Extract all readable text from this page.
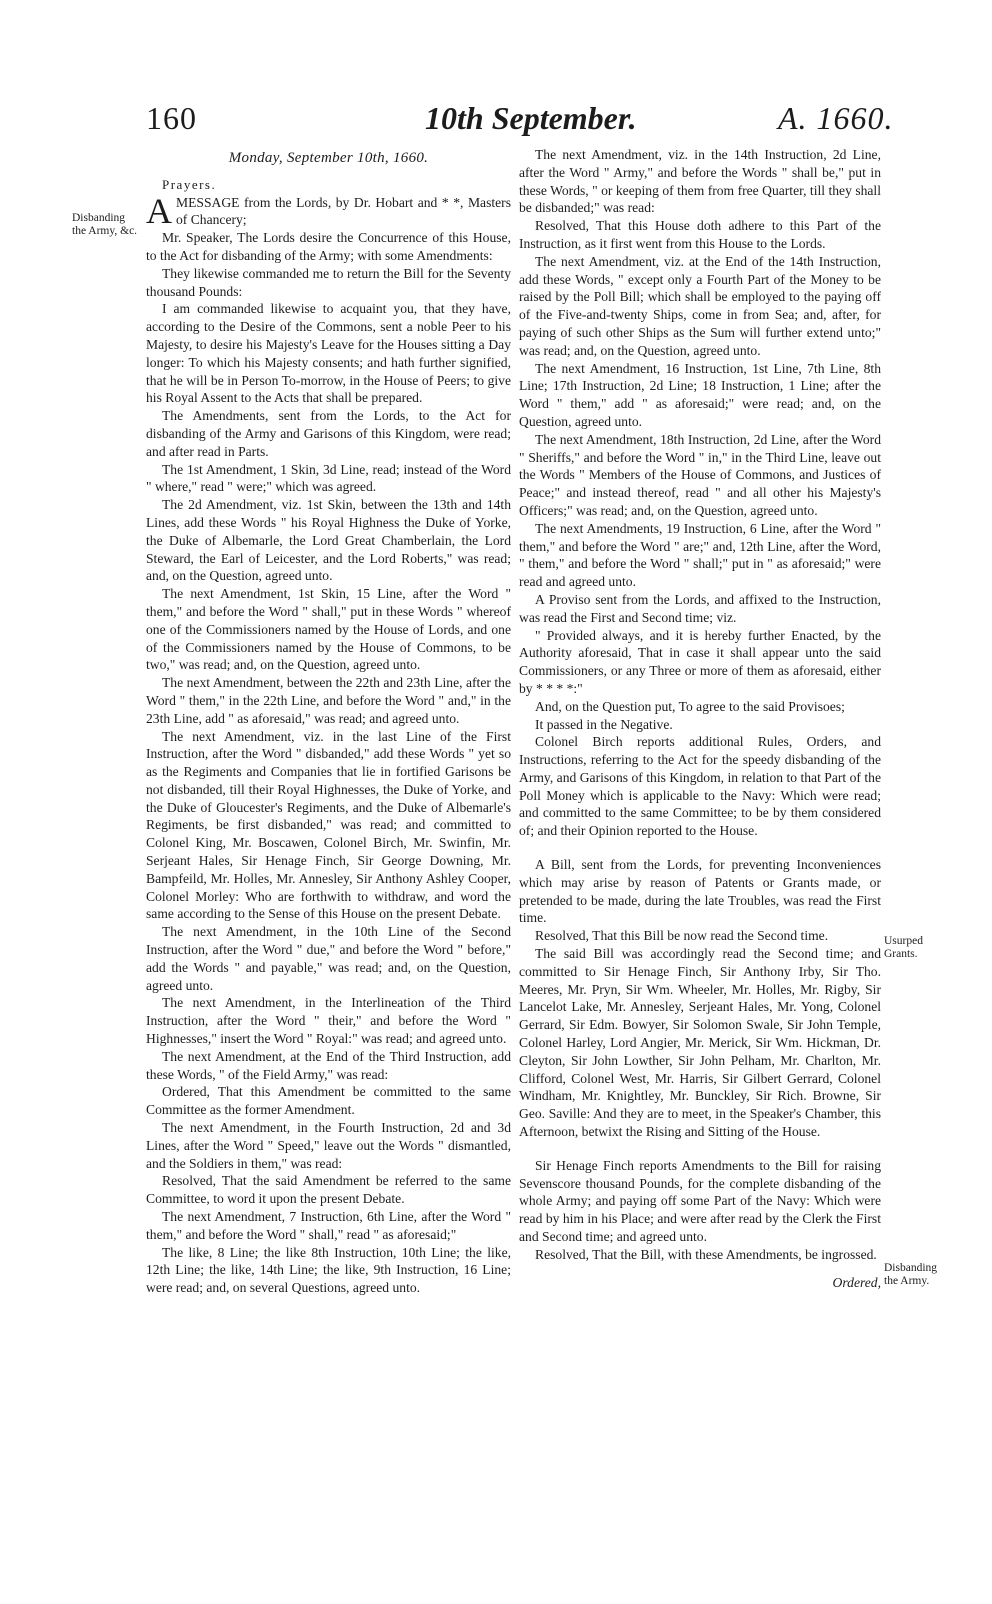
160	10th September.	A. 1660.
Disbanding the Army, &c.
Usurped Grants.
Disbanding the Army.
Monday, September 10th, 1660.

Prayers.

AMESSAGE from the Lords, by Dr. Hobart and * *, Masters of Chancery;

Mr. Speaker, The Lords desire the Concurrence of this House, to the Act for disbanding of the Army; with some Amendments:

They likewise commanded me to return the Bill for the Seventy thousand Pounds:

I am commanded likewise to acquaint you, that they have, according to the Desire of the Commons, sent a noble Peer to his Majesty, to desire his Majesty's Leave for the Houses sitting a Day longer: To which his Majesty consents; and hath further signified, that he will be in Person To-morrow, in the House of Peers; to give his Royal Assent to the Acts that shall be prepared.

The Amendments, sent from the Lords, to the Act for disbanding of the Army and Garisons of this Kingdom, were read; and after read in Parts.

The 1st Amendment, 1 Skin, 3d Line, read; instead of the Word " where," read " were;" which was agreed.

The 2d Amendment, viz. 1st Skin, between the 13th and 14th Lines, add these Words " his Royal Highness the Duke of Yorke, the Duke of Albemarle, the Lord Great Chamberlain, the Lord Steward, the Earl of Leicester, and the Lord Roberts," was read; and, on the Question, agreed unto.

The next Amendment, 1st Skin, 15 Line, after the Word " them," and before the Word " shall," put in these Words " whereof one of the Commissioners named by the House of Lords, and one of the Commissioners named by the House of Commons, to be two," was read; and, on the Question, agreed unto.

The next Amendment, between the 22th and 23th Line, after the Word " them," in the 22th Line, and before the Word " and," in the 23th Line, add " as aforesaid," was read; and agreed unto.

The next Amendment, viz. in the last Line of the First Instruction, after the Word " disbanded," add these Words " yet so as the Regiments and Companies that lie in fortified Garisons be not disbanded, till their Royal Highnesses, the Duke of Yorke, and the Duke of Gloucester's Regiments, and the Duke of Albemarle's Regiments, be first disbanded," was read; and committed to Colonel King, Mr. Boscawen, Colonel Birch, Mr. Swinfin, Mr. Serjeant Hales, Sir Henage Finch, Sir George Downing, Mr. Bampfeild, Mr. Holles, Mr. Annesley, Sir Anthony Ashley Cooper, Colonel Morley: Who are forthwith to withdraw, and word the same according to the Sense of this House on the present Debate.

The next Amendment, in the 10th Line of the Second Instruction, after the Word " due," and before the Word " before," add the Words " and payable," was read; and, on the Question, agreed unto.

The next Amendment, in the Interlineation of the Third Instruction, after the Word " their," and before the Word " Highnesses," insert the Word " Royal:" was read; and agreed unto.

The next Amendment, at the End of the Third Instruction, add these Words, " of the Field Army," was read:

Ordered, That this Amendment be committed to the same Committee as the former Amendment.

The next Amendment, in the Fourth Instruction, 2d and 3d Lines, after the Word " Speed," leave out the Words " dismantled, and the Soldiers in them," was read:

Resolved, That the said Amendment be referred to the same Committee, to word it upon the present Debate.

The next Amendment, 7 Instruction, 6th Line, after the Word " them," and before the Word " shall," read " as aforesaid;"

The like, 8 Line; the like 8th Instruction, 10th Line; the like, 12th Line; the like, 14th Line; the like, 9th Instruction, 16 Line; were read; and, on several Questions, agreed unto.

The next Amendment, viz. in the 14th Instruction, 2d Line, after the Word " Army," and before the Words " shall be," put in these Words, " or keeping of them from free Quarter, till they shall be disbanded;" was read:

Resolved, That this House doth adhere to this Part of the Instruction, as it first went from this House to the Lords.

The next Amendment, viz. at the End of the 14th Instruction, add these Words, " except only a Fourth Part of the Money to be raised by the Poll Bill; which shall be employed to the paying off of the Five-and-twenty Ships, come in from Sea; and, after, for paying of such other Ships as the Sum will further extend unto;" was read; and, on the Question, agreed unto.

The next Amendment, 16 Instruction, 1st Line, 7th Line, 8th Line; 17th Instruction, 2d Line; 18 Instruction, 1 Line; after the Word " them," add " as aforesaid;" were read; and, on the Question, agreed unto.

The next Amendment, 18th Instruction, 2d Line, after the Word " Sheriffs," and before the Word " in," in the Third Line, leave out the Words " Members of the House of Commons, and Justices of Peace;" and instead thereof, read " and all other his Majesty's Officers;" was read; and, on the Question, agreed unto.

The next Amendments, 19 Instruction, 6 Line, after the Word " them," and before the Word " are;" and, 12th Line, after the Word, " them," and before the Word " shall;" put in " as aforesaid;" were read and agreed unto.

A Proviso sent from the Lords, and affixed to the Instruction, was read the First and Second time; viz.

" Provided always, and it is hereby further Enacted, by the Authority aforesaid, That in case it shall appear unto the said Commissioners, or any Three or more of them as aforesaid, either by * * * *:"

And, on the Question put, To agree to the said Provisoes;

It passed in the Negative.

Colonel Birch reports additional Rules, Orders, and Instructions, referring to the Act for the speedy disbanding of the Army, and Garisons of this Kingdom, in relation to that Part of the Poll Money which is applicable to the Navy: Which were read; and committed to the same Committee; to be by them considered of; and their Opinion reported to the House.

A Bill, sent from the Lords, for preventing Inconveniences which may arise by reason of Patents or Grants made, or pretended to be made, during the late Troubles, was read the First time.

Resolved, That this Bill be now read the Second time.

The said Bill was accordingly read the Second time; and committed to Sir Henage Finch, Sir Anthony Irby, Sir Tho. Meeres, Mr. Pryn, Sir Wm. Wheeler, Mr. Holles, Mr. Rigby, Sir Lancelot Lake, Mr. Annesley, Serjeant Hales, Mr. Yong, Colonel Gerrard, Sir Edm. Bowyer, Sir Solomon Swale, Sir John Temple, Colonel Harley, Lord Angier, Mr. Merick, Sir Wm. Hickman, Dr. Cleyton, Sir John Lowther, Sir John Pelham, Mr. Charlton, Mr. Clifford, Colonel West, Mr. Harris, Sir Gilbert Gerrard, Colonel Windham, Mr. Knightley, Mr. Bunckley, Sir Rich. Browne, Sir Geo. Saville: And they are to meet, in the Speaker's Chamber, this Afternoon, betwixt the Rising and Sitting of the House.

Sir Henage Finch reports Amendments to the Bill for raising Sevenscore thousand Pounds, for the complete disbanding of the whole Army; and paying off some Part of the Navy: Which were read by him in his Place; and were after read by the Clerk the First and Second time; and agreed unto.

Resolved, That the Bill, with these Amendments, be ingrossed.

Ordered,
